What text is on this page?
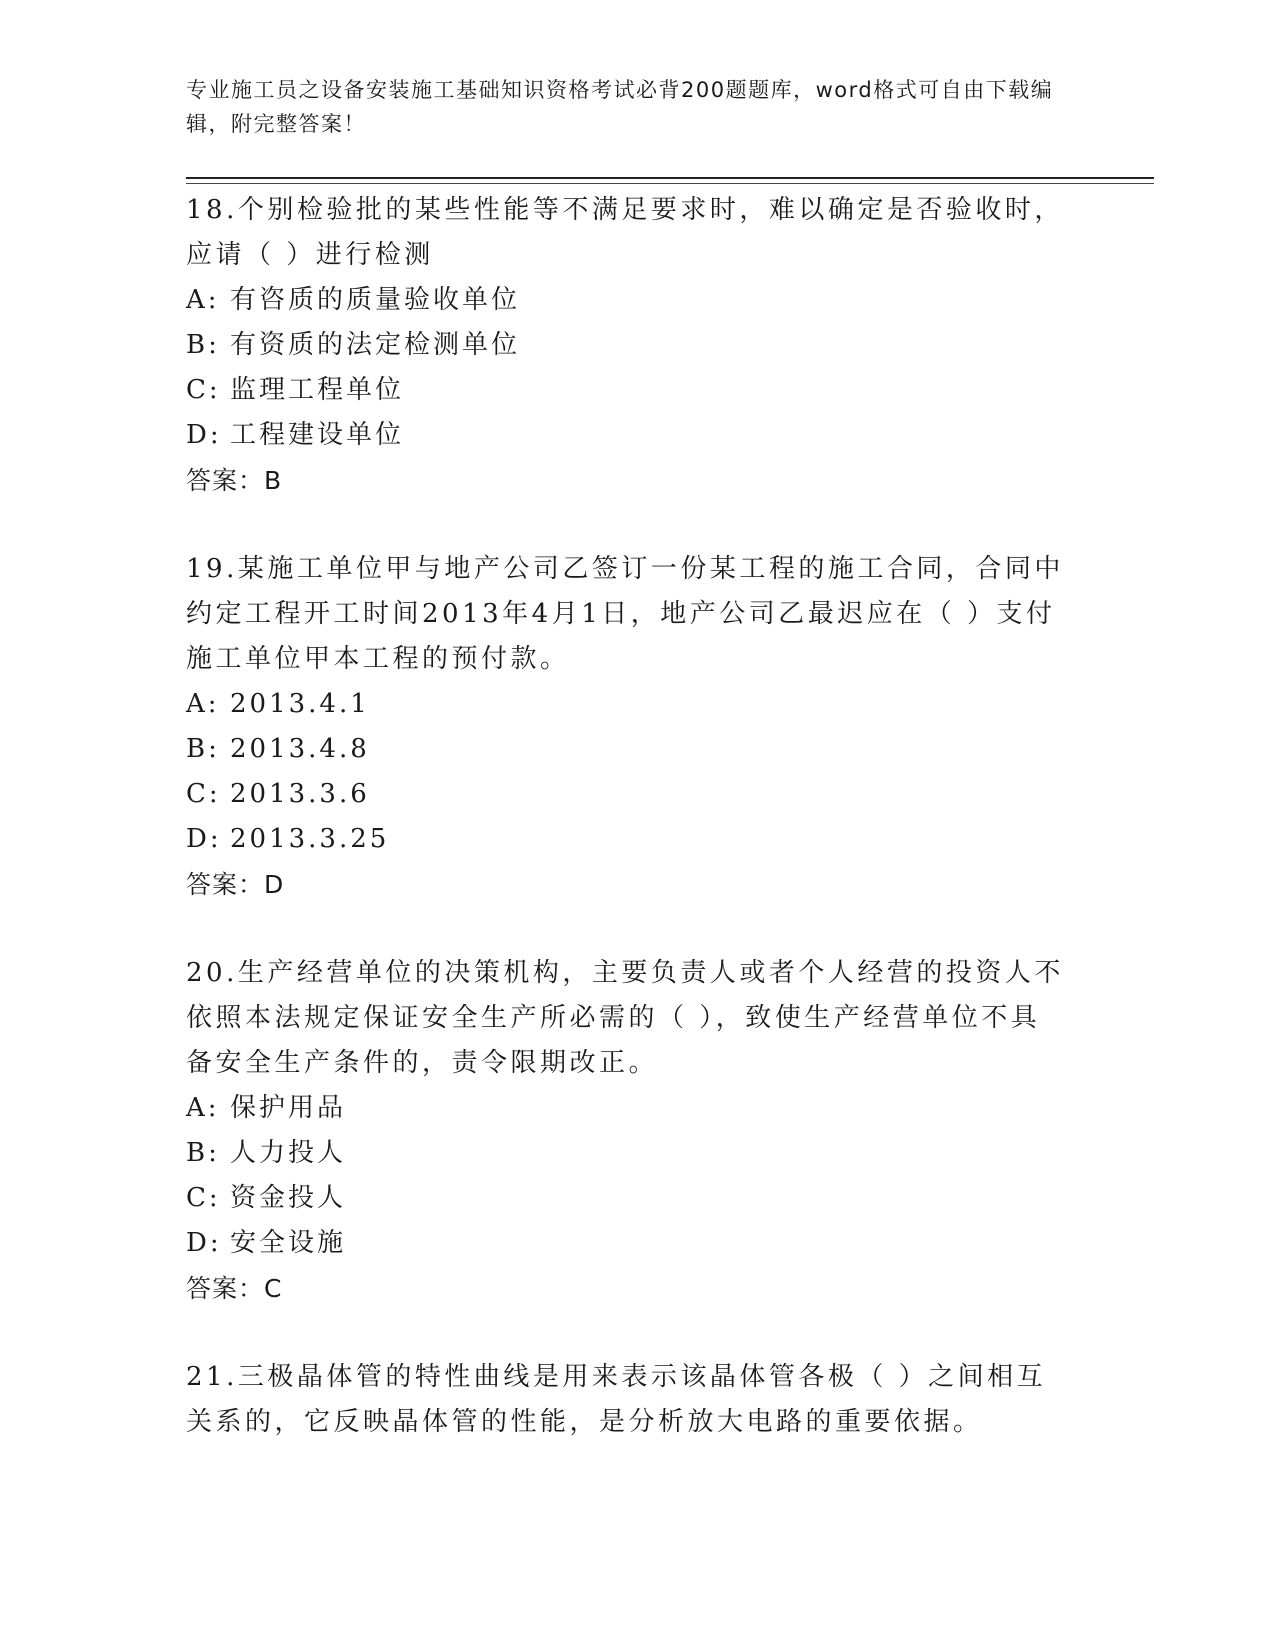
专业施工员之设备安装施工基础知识资格考试必背200题题库，word格式可自由下载编辑，附完整答案！

18.个别检验批的某些性能等不满足要求时，难以确定是否验收时，应请（ ）进行检测

A: 有咨质的质量验收单位
B: 有资质的法定检测单位
C: 监理工程单位
D: 工程建设单位

答案：B

19.某施工单位甲与地产公司乙签订一份某工程的施工合同，合同中约定工程开工时间2013年4月1日，地产公司乙最迟应在（ ）支付施工单位甲本工程的预付款。

A: 2013.4.1
B: 2013.4.8
C: 2013.3.6
D: 2013.3.25

答案：D

20.生产经营单位的决策机构，主要负责人或者个人经营的投资人不依照本法规定保证安全生产所必需的（ ），致使生产经营单位不具备安全生产条件的，责令限期改正。

A: 保护用品
B: 人力投人
C: 资金投人
D: 安全设施

答案：C

21.三极晶体管的特性曲线是用来表示该晶体管各极（ ）之间相互关系的，它反映晶体管的性能，是分析放大电路的重要依据。
